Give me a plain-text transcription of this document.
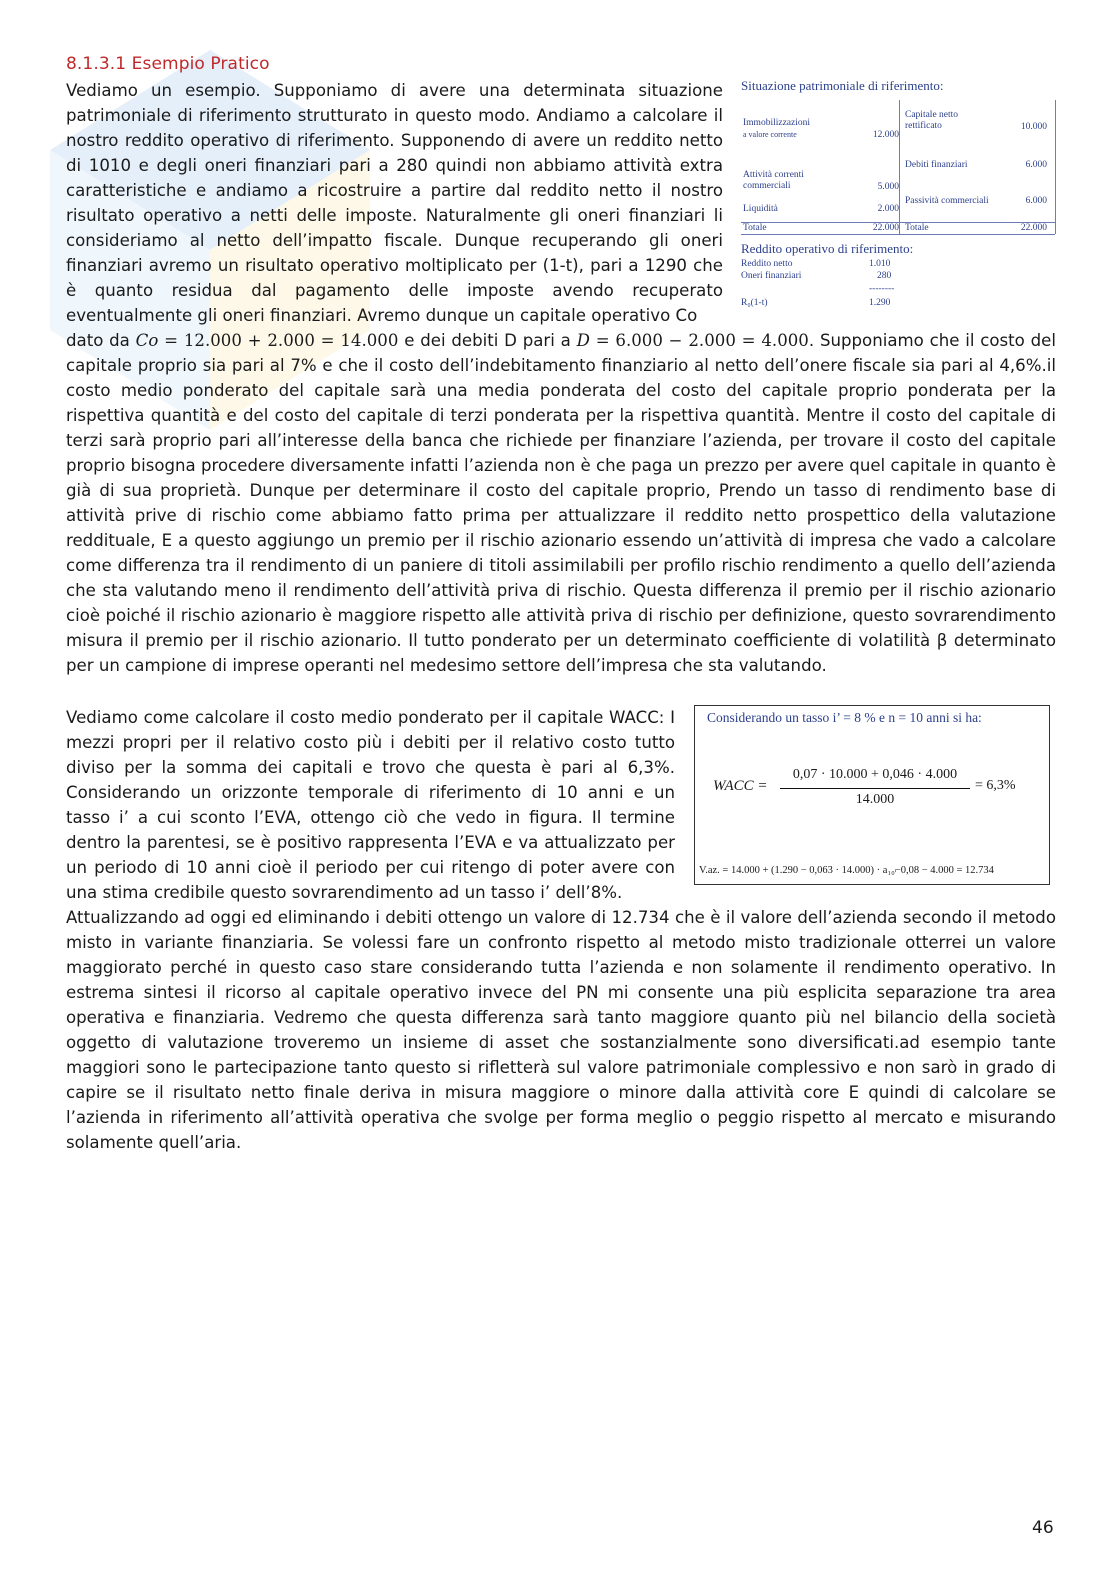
8.1.3.1 Esempio Pratico

Vediamo un esempio. Supponiamo di avere una determinata situazione patrimoniale di riferimento strutturato in questo modo. Andiamo a calcolare il nostro reddito operativo di riferimento. Supponendo di avere un reddito netto di 1010 e degli oneri finanziari pari a 280 quindi non abbiamo attività extra caratteristiche e andiamo a ricostruire a partire dal reddito netto il nostro risultato operativo a netti delle imposte. Naturalmente gli oneri finanziari li consideriamo al netto dell’impatto fiscale. Dunque recuperando gli oneri finanziari avremo un risultato operativo moltiplicato per (1-t), pari a 1290 che è quanto residua dal pagamento delle imposte avendo recuperato eventualmente gli oneri finanziari. Avremo dunque un capitale operativo Co

Situazione patrimoniale di riferimento:
Immobilizzazioni
a valore corrente	12.000
Attività correnti
commerciali	5.000
Liquidità	2.000
Totale	22.000
Capitale netto
rettificato	10.000
Debiti finanziari	6.000
Passività commerciali	6.000
Totale	22.000
Reddito operativo di riferimento:
Reddito netto	1.010
Oneri finanziari	280
--------
R₀(1-t)	1.290

dato da Co = 12.000 + 2.000 = 14.000 e dei debiti D pari a D = 6.000 − 2.000 = 4.000. Supponiamo che il costo del capitale proprio sia pari al 7% e che il costo dell’indebitamento finanziario al netto dell’onere fiscale sia pari al 4,6%.il costo medio ponderato del capitale sarà una media ponderata del costo del capitale proprio ponderata per la rispettiva quantità e del costo del capitale di terzi ponderata per la rispettiva quantità. Mentre il costo del capitale di terzi sarà proprio pari all’interesse della banca che richiede per finanziare l’azienda, per trovare il costo del capitale proprio bisogna procedere diversamente infatti l’azienda non è che paga un prezzo per avere quel capitale in quanto è già di sua proprietà. Dunque per determinare il costo del capitale proprio, Prendo un tasso di rendimento base di attività prive di rischio come abbiamo fatto prima per attualizzare il reddito netto prospettico della valutazione reddituale, E a questo aggiungo un premio per il rischio azionario essendo un’attività di impresa che vado a calcolare come differenza tra il rendimento di un paniere di titoli assimilabili per profilo rischio rendimento a quello dell’azienda che sta valutando meno il rendimento dell’attività priva di rischio. Questa differenza il premio per il rischio azionario cioè poiché il rischio azionario è maggiore rispetto alle attività priva di rischio per definizione, questo sovrarendimento misura il premio per il rischio azionario. Il tutto ponderato per un determinato coefficiente di volatilità β determinato per un campione di imprese operanti nel medesimo settore dell’impresa che sta valutando.

Vediamo come calcolare il costo medio ponderato per il capitale WACC: I mezzi propri per il relativo costo più i debiti per il relativo costo tutto diviso per la somma dei capitali e trovo che questa è pari al 6,3%. Considerando un orizzonte temporale di riferimento di 10 anni e un tasso i’ a cui sconto l’EVA, ottengo ciò che vedo in figura. Il termine dentro la parentesi, se è positivo rappresenta l’EVA e va attualizzato per un periodo di 10 anni cioè il periodo per cui ritengo di poter avere con una stima credibile questo sovrarendimento ad un tasso i’ dell’8%.

Considerando un tasso i’ = 8 % e n = 10 anni si ha:
WACC =
0,07 · 10.000 + 0,046 · 4.000
14.000
= 6,3%
V.az. = 14.000 + (1.290 − 0,063 · 14.000) · a₁₀⌐0,08 − 4.000 = 12.734

Attualizzando ad oggi ed eliminando i debiti ottengo un valore di 12.734 che è il valore dell’azienda secondo il metodo misto in variante finanziaria. Se volessi fare un confronto rispetto al metodo misto tradizionale otterrei un valore maggiorato perché in questo caso stare considerando tutta l’azienda e non solamente il rendimento operativo. In estrema sintesi il ricorso al capitale operativo invece del PN mi consente una più esplicita separazione tra area operativa e finanziaria. Vedremo che questa differenza sarà tanto maggiore quanto più nel bilancio della società oggetto di valutazione troveremo un insieme di asset che sostanzialmente sono diversificati.ad esempio tante maggiori sono le partecipazione tanto questo si rifletterà sul valore patrimoniale complessivo e non sarò in grado di capire se il risultato netto finale deriva in misura maggiore o minore dalla attività core E quindi di calcolare se l’azienda in riferimento all’attività operativa che svolge per forma meglio o peggio rispetto al mercato e misurando solamente quell’aria.

46
